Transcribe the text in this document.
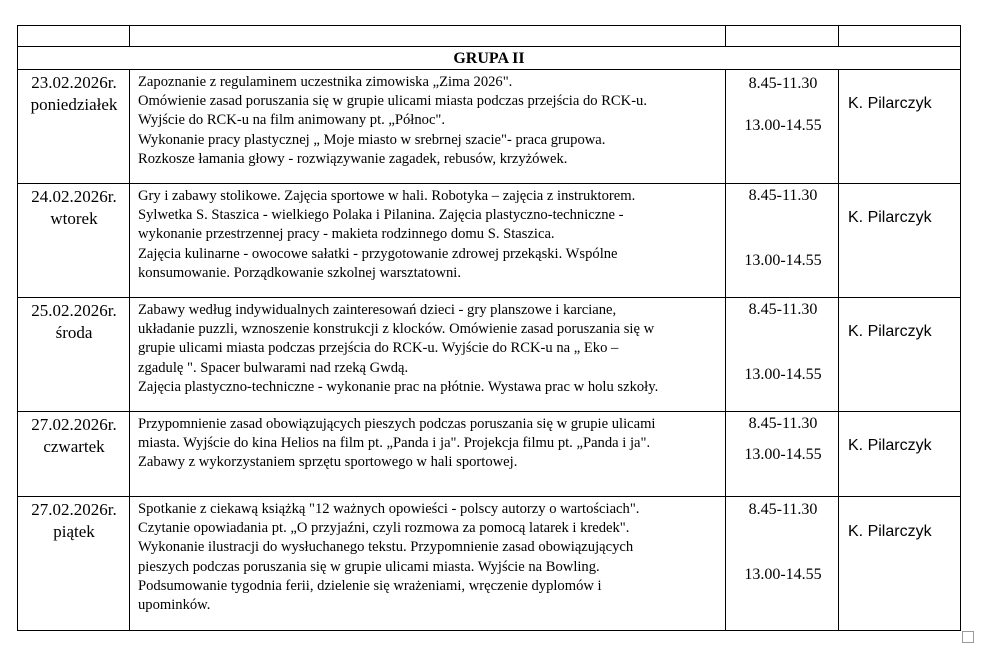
GRUPA II
23.02.2026r.
poniedziałek
Zapoznanie z regulaminem uczestnika zimowiska „Zima 2026".
Omówienie zasad poruszania się w grupie ulicami miasta podczas przejścia do RCK-u.
Wyjście do RCK-u na film animowany pt. „Północ".
Wykonanie pracy plastycznej „ Moje miasto w srebrnej szacie"- praca grupowa.
Rozkosze łamania głowy - rozwiązywanie zagadek, rebusów, krzyżówek.
8.45-11.30
13.00-14.55
K. Pilarczyk
24.02.2026r.
wtorek
Gry i zabawy stolikowe. Zajęcia sportowe w hali. Robotyka – zajęcia z instruktorem.
Sylwetka S. Staszica - wielkiego Polaka i Pilanina. Zajęcia plastyczno-techniczne -
wykonanie przestrzennej pracy - makieta rodzinnego domu S. Staszica.
Zajęcia kulinarne - owocowe sałatki - przygotowanie zdrowej przekąski. Wspólne
konsumowanie. Porządkowanie szkolnej warsztatowni.
8.45-11.30
13.00-14.55
K. Pilarczyk
25.02.2026r.
środa
Zabawy według indywidualnych zainteresowań dzieci - gry planszowe i karciane,
układanie puzzli, wznoszenie konstrukcji z klocków. Omówienie zasad poruszania się w
grupie ulicami miasta podczas przejścia do RCK-u. Wyjście do RCK-u na „ Eko –
zgadulę ". Spacer bulwarami nad rzeką Gwdą.
Zajęcia plastyczno-techniczne - wykonanie prac na płótnie. Wystawa prac w holu szkoły.
8.45-11.30
13.00-14.55
K. Pilarczyk
27.02.2026r.
czwartek
Przypomnienie zasad obowiązujących pieszych podczas poruszania się w grupie ulicami
miasta. Wyjście do kina Helios na film pt. „Panda i ja". Projekcja filmu pt. „Panda i ja".
Zabawy z wykorzystaniem sprzętu sportowego w hali sportowej.
8.45-11.30
13.00-14.55
K. Pilarczyk
27.02.2026r.
piątek
Spotkanie z ciekawą książką "12 ważnych opowieści - polscy autorzy o wartościach".
Czytanie opowiadania pt. „O przyjaźni, czyli rozmowa za pomocą latarek i kredek".
Wykonanie ilustracji do wysłuchanego tekstu. Przypomnienie zasad obowiązujących
pieszych podczas poruszania się w grupie ulicami miasta. Wyjście na Bowling.
Podsumowanie tygodnia ferii, dzielenie się wrażeniami, wręczenie dyplomów i
upominków.
8.45-11.30
13.00-14.55
K. Pilarczyk
